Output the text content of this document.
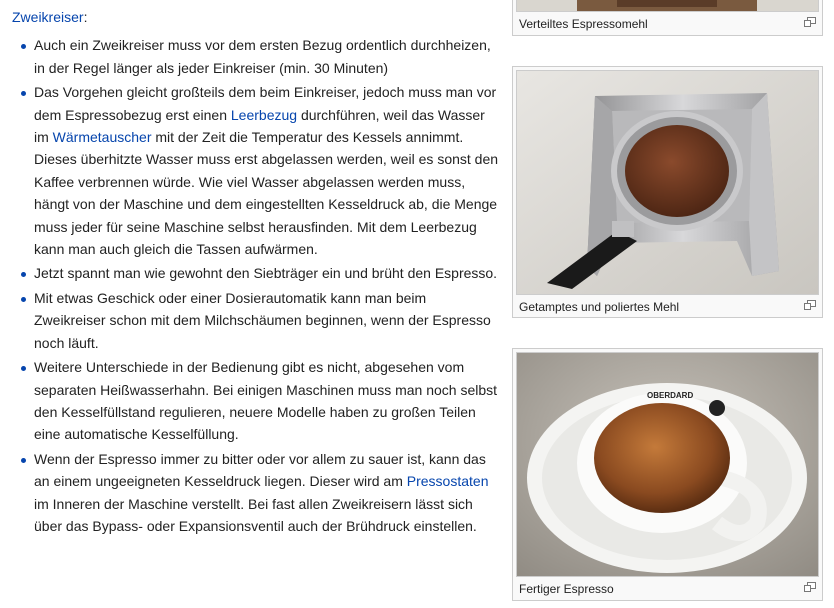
Zweikreiser:
Auch ein Zweikreiser muss vor dem ersten Bezug ordentlich durchheizen, in der Regel länger als jeder Einkreiser (min. 30 Minuten)
Das Vorgehen gleicht großteils dem beim Einkreiser, jedoch muss man vor dem Espressobezug erst einen Leerbezug durchführen, weil das Wasser im Wärmetauscher mit der Zeit die Temperatur des Kessels annimmt. Dieses überhitzte Wasser muss erst abgelassen werden, weil es sonst den Kaffee verbrennen würde. Wie viel Wasser abgelassen werden muss, hängt von der Maschine und dem eingestellten Kesseldruck ab, die Menge muss jeder für seine Maschine selbst herausfinden. Mit dem Leerbezug kann man auch gleich die Tassen aufwärmen.
Jetzt spannt man wie gewohnt den Siebträger ein und brüht den Espresso.
Mit etwas Geschick oder einer Dosierautomatik kann man beim Zweikreiser schon mit dem Milchschäumen beginnen, wenn der Espresso noch läuft.
Weitere Unterschiede in der Bedienung gibt es nicht, abgesehen vom separaten Heißwasserhahn. Bei einigen Maschinen muss man noch selbst den Kesselfüllstand regulieren, neuere Modelle haben zu großen Teilen eine automatische Kesselfüllung.
Wenn der Espresso immer zu bitter oder vor allem zu sauer ist, kann das an einem ungeeigneten Kesseldruck liegen. Dieser wird am Pressostaten im Inneren der Maschine verstellt. Bei fast allen Zweikreisern lässt sich über das Bypass- oder Expansionsventil auch der Brühdruck einstellen.
Verteiltes Espressomehl
Getamptes und poliertes Mehl
OBERDARD
Fertiger Espresso
